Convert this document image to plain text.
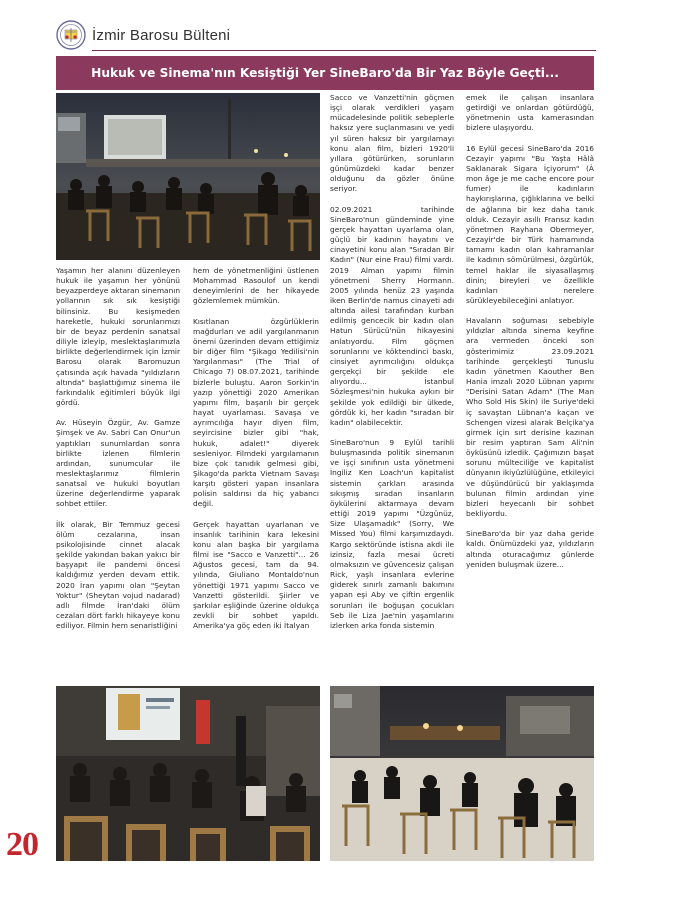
İzmir Barosu Bülteni
Hukuk ve Sinema'nın Kesiştiği Yer SineBaro'da Bir Yaz Böyle Geçti...

Yaşamın her alanını düzenleyen hukuk ile yaşamın her yönünü beyazperdeye aktaran sinemanın yollarının sık sık kesiştiği bilinsiniz. Bu kesişmeden hareketle, hukuki sorunlarımızı bir de beyaz perdenin sanatsal diliyle izleyip, meslektaşlarımızla birlikte değerlendirmek için İzmir Barosu olarak Baromuzun çatısında açık havada "yıldızların altında" başlattığımız sinema ile farkındalık eğitimleri büyük ilgi gördü.

Av. Hüseyin Özgür, Av. Gamze Şimşek ve Av. Sabri Can Onur'un yaptıkları sunumlardan sonra birlikte izlenen filmlerin ardından, sunumcular ile meslektaşlarımız filmlerin sanatsal ve hukuki boyutları üzerine değerlendirme yaparak sohbet ettiler.

İlk olarak, Bir Temmuz gecesi ölüm cezalarına, insan psikolojisinde cinnet alacak şekilde yakından bakan yakıcı bir başyapıt ile pandemi öncesi kaldığımız yerden devam ettik. 2020 İran yapımı olan "Şeytan Yoktur" (Sheytan vojud nadarad) adlı filmde İran'daki ölüm cezaları dört farklı hikayeye konu ediliyor. Filmin hem senaristliğini

hem de yönetmenliğini üstlenen Mohammad Rasoulof un kendi deneyimlerini de her hikayede gözlemlemek mümkün.

Kısıtlanan özgürlüklerin mağdurları ve adil yargılanmanın önemi üzerinden devam ettiğimiz bir diğer film "Şikago Yedilisi'nin Yargılanması" (The Trial of Chicago 7) 08.07.2021, tarihinde bizlerle buluştu. Aaron Sorkin'in yazıp yönettiği 2020 Amerikan yapımı film, başarılı bir gerçek hayat uyarlaması. Savaşa ve ayrımcılığa hayır diyen film, seyircisine bizler gibi "hak, hukuk, adalet!" diyerek sesleniyor. Filmdeki yargılamanın bize çok tanıdık gelmesi gibi, Şikago'da parkta Vietnam Savaşı karşıtı gösteri yapan insanlara polisin saldırısı da hiç yabancı değil.

Gerçek hayattan uyarlanan ve insanlık tarihinin kara lekesini konu alan başka bir yargılama filmi ise "Sacco e Vanzetti"... 26 Ağustos gecesi, tam da 94. yılında, Giuliano Montaldo'nun yönettiği 1971 yapımı Sacco ve Vanzetti gösterildi. Şiirler ve şarkılar eşliğinde üzerine oldukça zevkli bir sohbet yapıldı. Amerika'ya göç eden iki İtalyan

Sacco ve Vanzetti'nin göçmen işçi olarak verdikleri yaşam mücadelesinde politik sebeplerle haksız yere suçlanmasını ve yedi yıl süren haksız bir yargılamayı konu alan film, bizleri 1920'li yıllara götürürken, sorunların günümüzdeki kadar benzer olduğunu da gözler önüne seriyor.

02.09.2021 tarihinde SineBaro'nun gündeminde yine gerçek hayattan uyarlama olan, güçlü bir kadının hayatını ve cinayetini konu alan "Sıradan Bir Kadın" (Nur eine Frau) filmi vardı. 2019 Alman yapımı filmin yönetmeni Sherry Hormann. 2005 yılında henüz 23 yaşında iken Berlin'de namus cinayeti adı altında ailesi tarafından kurban edilmiş gencecik bir kadın olan Hatun Sürücü'nün hikayesini anlatıyordu. Film göçmen sorunlarını ve köktendinci baskı, cinsiyet ayrımcılığını oldukça gerçekçi bir şekilde ele alıyordu... İstanbul Sözleşmesi'nin hukuka aykırı bir şekilde yok edildiği bir ülkede, gördük ki, her kadın "sıradan bir kadın" olabilecektir.

SineBaro'nun 9 Eylül tarihli buluşmasında politik sinemanın ve işçi sınıfının usta yönetmeni İngiliz Ken Loach'un kapitalist sistemin çarkları arasında sıkışmış sıradan insanların öykülerini aktarmaya devam ettiği 2019 yapımı "Üzgünüz, Size Ulaşamadık" (Sorry, We Missed You) filmi karşımızdaydı. Kargo sektöründe istisna akdi ile izinsiz, fazla mesai ücreti olmaksızın ve güvencesiz çalışan Rick, yaşlı insanlara evlerine giderek sınırlı zamanlı bakımını yapan eşi Aby ve çiftin ergenlik sorunları ile boğuşan çocukları Seb ile Liza Jae'nin yaşamlarını izlerken arka fonda sistemin

emek ile çalışan insanlara getirdiği ve onlardan götürdüğü, yönetmenin usta kamerasından bizlere ulaşıyordu.

16 Eylül gecesi SineBaro'da 2016 Cezayir yapımı "Bu Yaşta Hâlâ Saklanarak Sigara İçiyorum" (À mon âge je me cache encore pour fumer) ile kadınların haykırışlarına, çığlıklarına ve belki de ağlarına bir kez daha tanık olduk. Cezayir asıllı Fransız kadın yönetmen Rayhana Obermeyer, Cezayir'de bir Türk hamamında tamamı kadın olan kahramanlar ile kadının sömürülmesi, özgürlük, temel haklar ile siyasallaşmış dinin; bireyleri ve özellikle kadınları nerelere sürükleyebileceğini anlatıyor.

Havaların soğuması sebebiyle yıldızlar altında sinema keyfine ara vermeden önceki son gösterimimiz 23.09.2021 tarihinde gerçekleşti Tunuslu kadın yönetmen Kaouther Ben Hania imzalı 2020 Lübnan yapımı "Derisini Satan Adam" (The Man Who Sold His Skin) ile Suriye'deki iç savaştan Lübnan'a kaçan ve Schengen vizesi alarak Belçika'ya girmek için sırt derisine kazınan bir resim yaptıran Sam Ali'nin öyküsünü izledik. Çağımızın başat sorunu mülteciliğe ve kapitalist dünyanın ikiyüzlülüğüne, etkileyici ve düşündürücü bir yaklaşımda bulunan filmin ardından yine bizleri heyecanlı bir sohbet bekliyordu.

SineBaro'da bir yaz daha geride kaldı. Önümüzdeki yaz, yıldızların altında oturacağımız günlerde yeniden buluşmak üzere...

20
